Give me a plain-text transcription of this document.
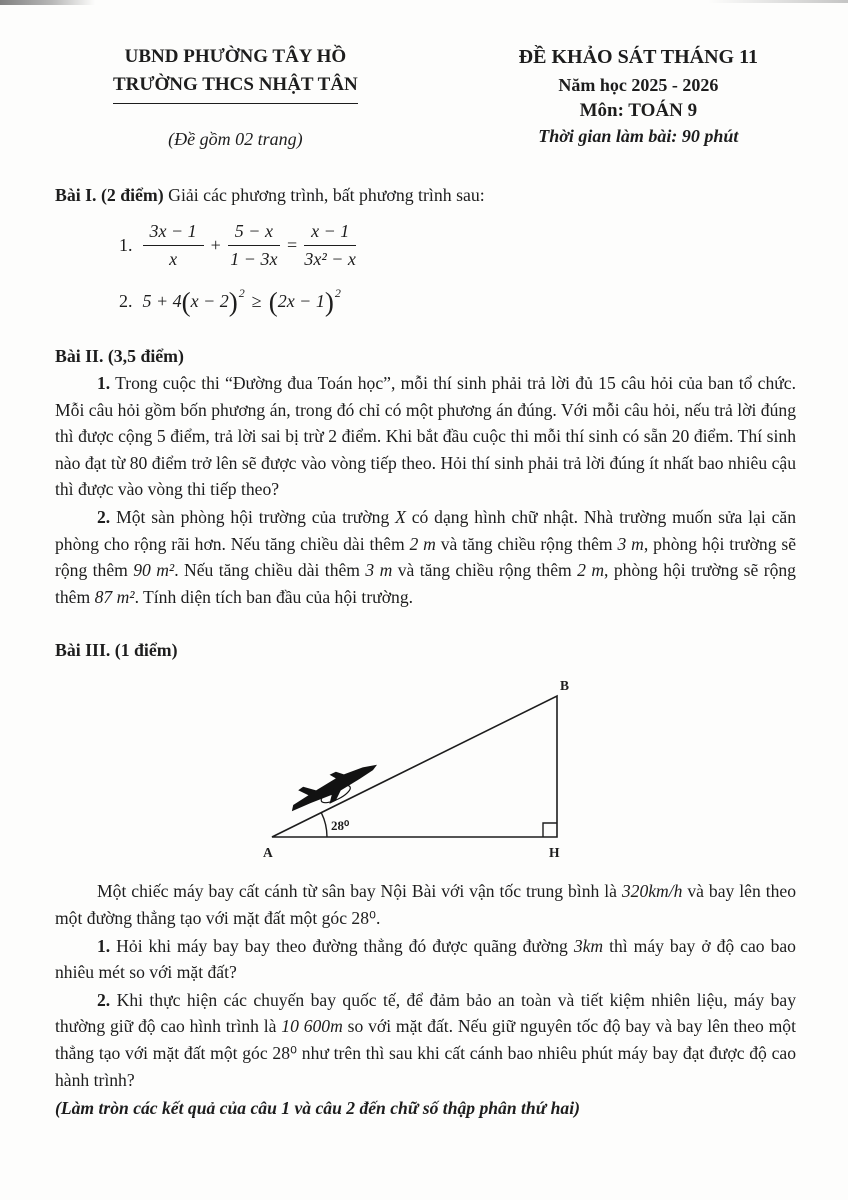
UBND PHƯỜNG TÂY HỒ
TRƯỜNG THCS NHẬT TÂN
(Đề gồm 02 trang)
ĐỀ KHẢO SÁT THÁNG 11
Năm học 2025 - 2026
Môn: TOÁN 9
Thời gian làm bài: 90 phút

Bài I. (2 điểm) Giải các phương trình, bất phương trình sau:

1. $\frac{3x - 1}{x} + \frac{5 - x}{1 - 3x} = \frac{x - 1}{\text{3x² − x}}$
2. $5 + 4(x - 2)^2 \ge (2x - 1)^2$

Bài II. (3,5 điểm)

1. Trong cuộc thi “Đường đua Toán học”, mỗi thí sinh phải trả lời đủ 15 câu hỏi của ban tổ chức. Mỗi câu hỏi gồm bốn phương án, trong đó chỉ có một phương án đúng. Với mỗi câu hỏi, nếu trả lời đúng thì được cộng 5 điểm, trả lời sai bị trừ 2 điểm. Khi bắt đầu cuộc thi mỗi thí sinh có sẵn 20 điểm. Thí sinh nào đạt từ 80 điểm trở lên sẽ được vào vòng tiếp theo. Hỏi thí sinh phải trả lời đúng ít nhất bao nhiêu cậu thì được vào vòng thi tiếp theo?

2. Một sàn phòng hội trường của trường X có dạng hình chữ nhật. Nhà trường muốn sửa lại căn phòng cho rộng rãi hơn. Nếu tăng chiều dài thêm 2 m và tăng chiều rộng thêm 3 m, phòng hội trường sẽ rộng thêm 90 m². Nếu tăng chiều dài thêm 3 m và tăng chiều rộng thêm 2 m, phòng hội trường sẽ rộng thêm 87 m². Tính diện tích ban đầu của hội trường.

Bài III. (1 điểm)

B
A	H
28⁰

Một chiếc máy bay cất cánh từ sân bay Nội Bài với vận tốc trung bình là 320km/h và bay lên theo một đường thẳng tạo với mặt đất một góc 28⁰.

1. Hỏi khi máy bay bay theo đường thẳng đó được quãng đường 3km thì máy bay ở độ cao bao nhiêu mét so với mặt đất?

2. Khi thực hiện các chuyến bay quốc tế, để đảm bảo an toàn và tiết kiệm nhiên liệu, máy bay thường giữ độ cao hình trình là 10 600m so với mặt đất. Nếu giữ nguyên tốc độ bay và bay lên theo một thẳng tạo với mặt đất một góc 28⁰ như trên thì sau khi cất cánh bao nhiêu phút máy bay đạt được độ cao hành trình?

(Làm tròn các kết quả của câu 1 và câu 2 đến chữ số thập phân thứ hai)
